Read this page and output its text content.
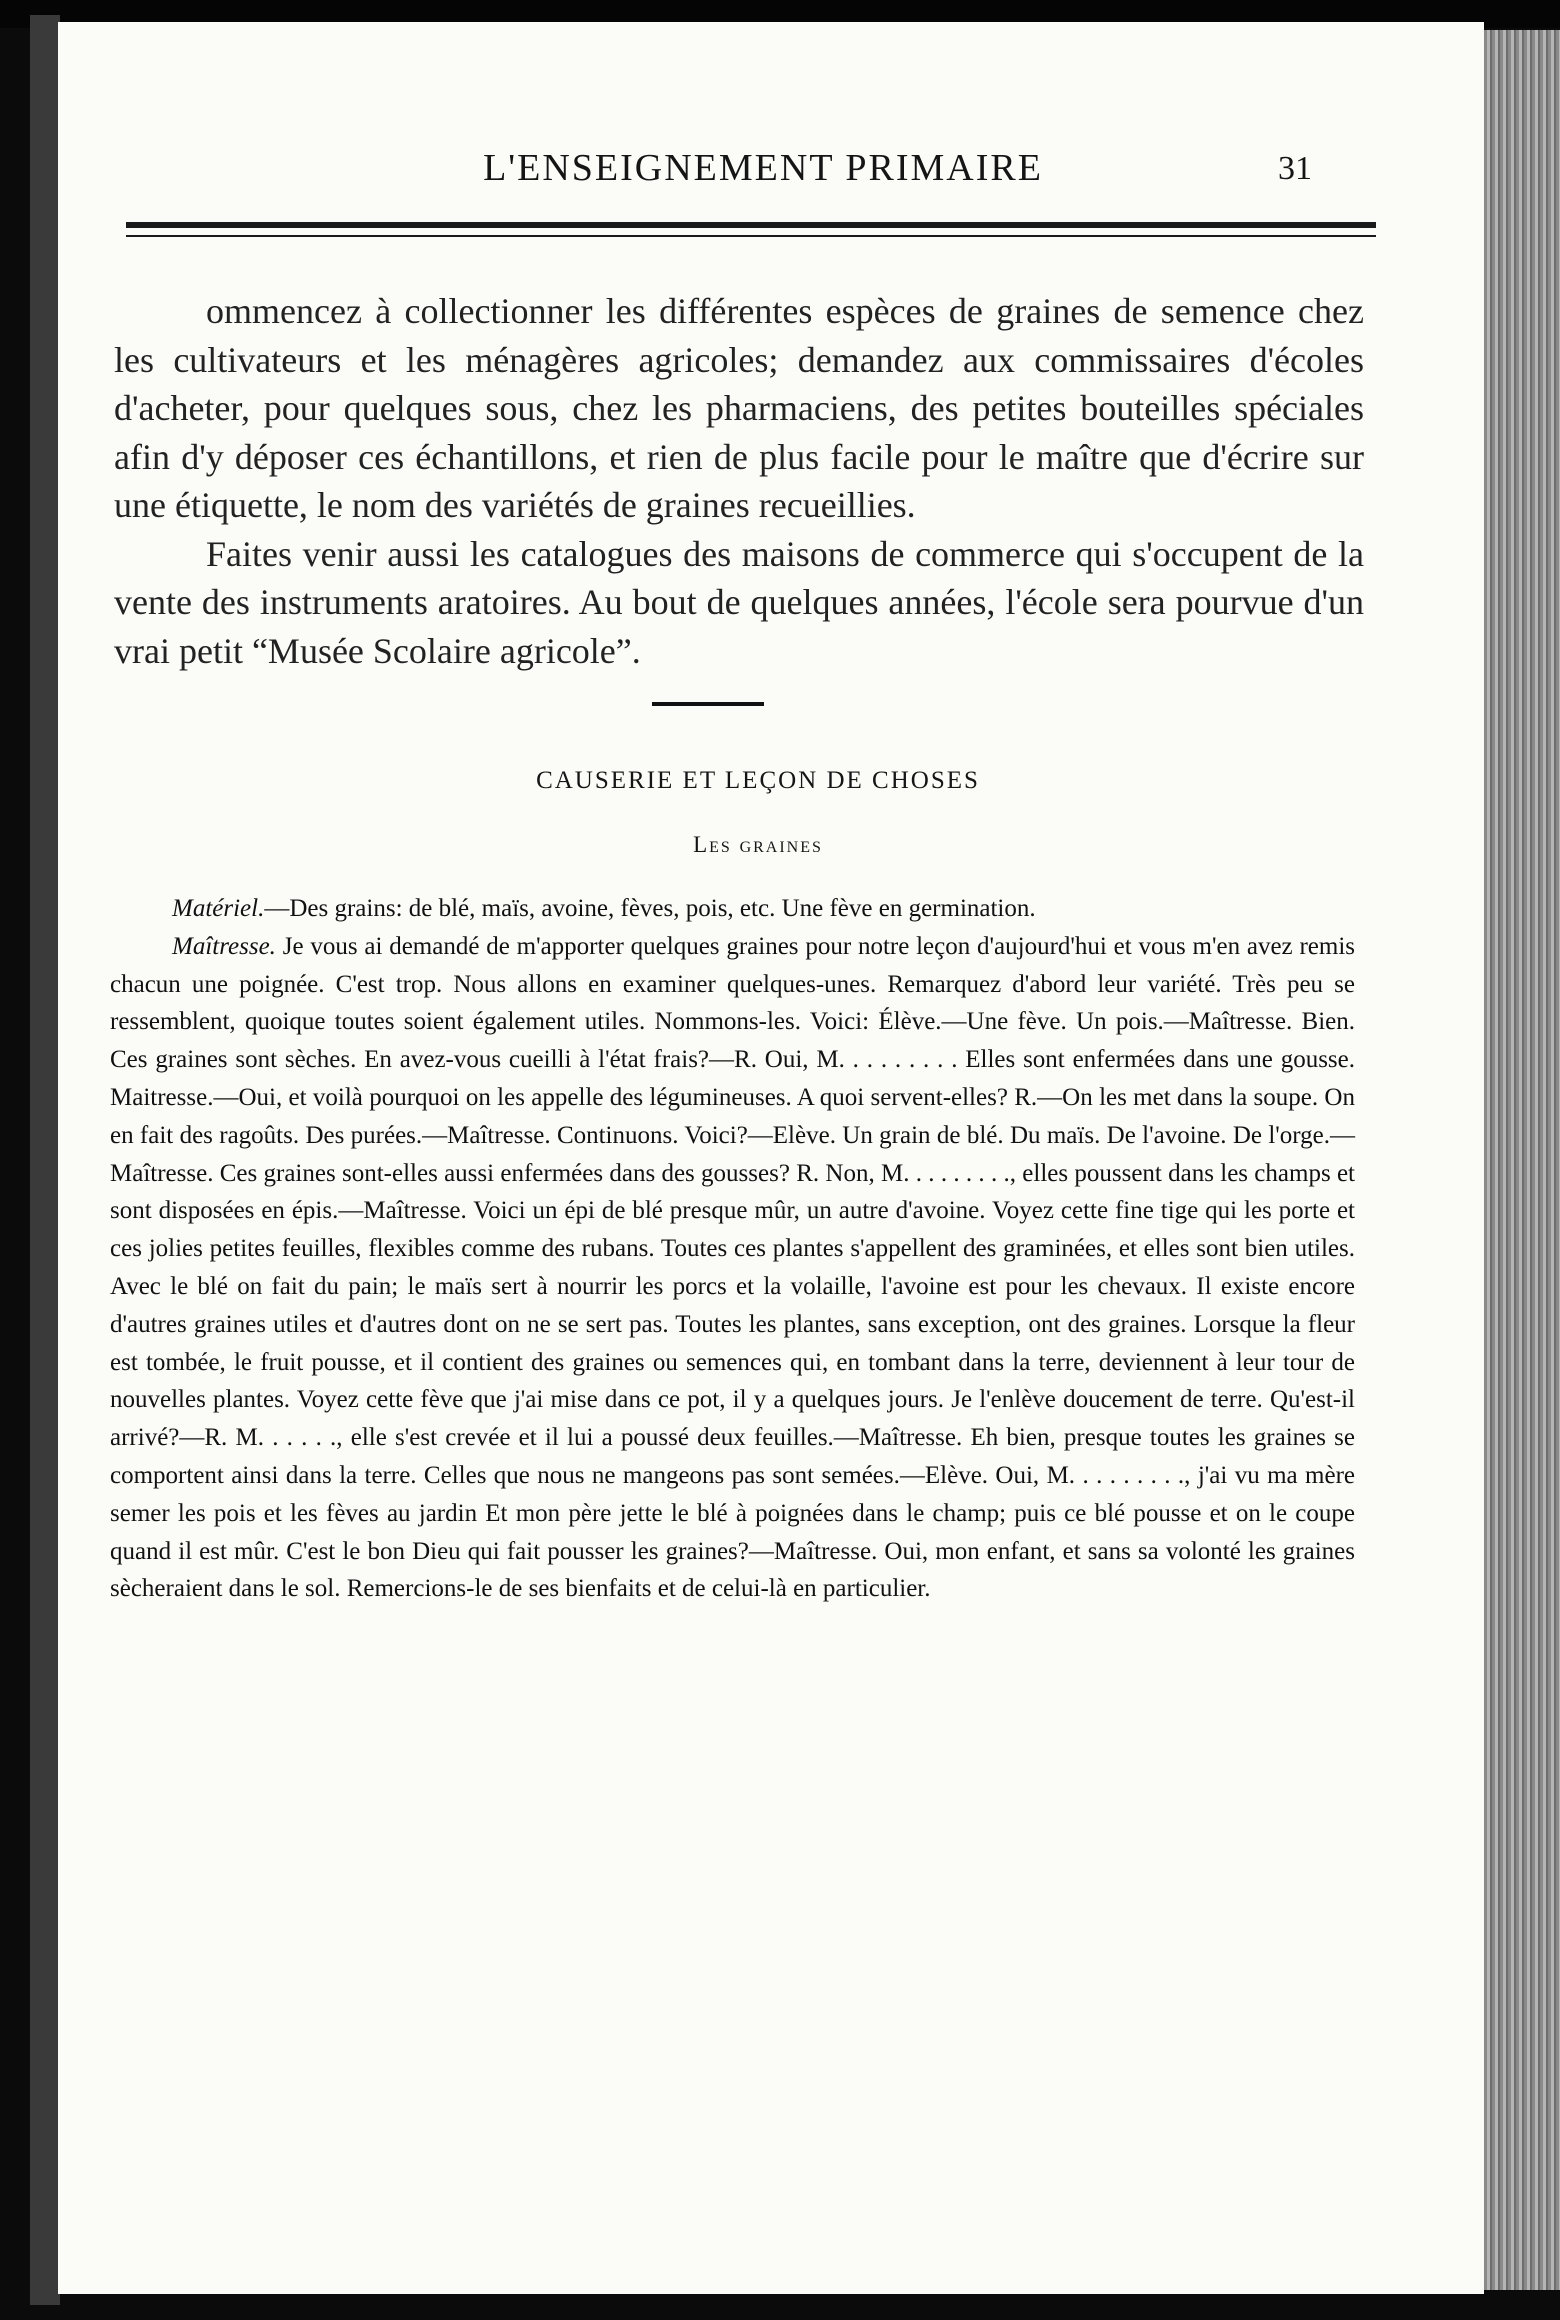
L'ENSEIGNEMENT PRIMAIRE	31

ommencez à collectionner les différentes espèces de graines de semence chez les cultivateurs et les ménagères agricoles; demandez aux commissaires d'écoles d'acheter, pour quelques sous, chez les pharmaciens, des petites bouteilles spéciales afin d'y déposer ces échantillons, et rien de plus facile pour le maître que d'écrire sur une étiquette, le nom des variétés de graines recueillies.

Faites venir aussi les catalogues des maisons de commerce qui s'occupent de la vente des instruments aratoires. Au bout de quelques années, l'école sera pourvue d'un vrai petit “Musée Scolaire agricole”.

CAUSERIE ET LEÇON DE CHOSES
Les graines

Matériel.—Des grains: de blé, maïs, avoine, fèves, pois, etc. Une fève en germination.

Maîtresse. Je vous ai demandé de m'apporter quelques graines pour notre leçon d'aujourd'hui et vous m'en avez remis chacun une poignée. C'est trop. Nous allons en examiner quelques-unes. Remarquez d'abord leur variété. Très peu se ressemblent, quoique toutes soient également utiles. Nommons-les. Voici: Élève.—Une fève. Un pois.—Maîtresse. Bien. Ces graines sont sèches. En avez-vous cueilli à l'état frais?—R. Oui, M. . . . . . . . . Elles sont enfermées dans une gousse. Maitresse.—Oui, et voilà pourquoi on les appelle des légumineuses. A quoi servent-elles? R.—On les met dans la soupe. On en fait des ragoûts. Des purées.—Maîtresse. Continuons. Voici?—Elève. Un grain de blé. Du maïs. De l'avoine. De l'orge.—Maîtresse. Ces graines sont-elles aussi enfermées dans des gousses? R. Non, M. . . . . . . . ., elles poussent dans les champs et sont disposées en épis.—Maîtresse. Voici un épi de blé presque mûr, un autre d'avoine. Voyez cette fine tige qui les porte et ces jolies petites feuilles, flexibles comme des rubans. Toutes ces plantes s'appellent des graminées, et elles sont bien utiles. Avec le blé on fait du pain; le maïs sert à nourrir les porcs et la volaille, l'avoine est pour les chevaux. Il existe encore d'autres graines utiles et d'autres dont on ne se sert pas. Toutes les plantes, sans exception, ont des graines. Lorsque la fleur est tombée, le fruit pousse, et il contient des graines ou semences qui, en tombant dans la terre, deviennent à leur tour de nouvelles plantes. Voyez cette fève que j'ai mise dans ce pot, il y a quelques jours. Je l'enlève doucement de terre. Qu'est-il arrivé?—R. M. . . . . ., elle s'est crevée et il lui a poussé deux feuilles.—Maîtresse. Eh bien, presque toutes les graines se comportent ainsi dans la terre. Celles que nous ne mangeons pas sont semées.—Elève. Oui, M. . . . . . . . ., j'ai vu ma mère semer les pois et les fèves au jardin Et mon père jette le blé à poignées dans le champ; puis ce blé pousse et on le coupe quand il est mûr. C'est le bon Dieu qui fait pousser les graines?—Maîtresse. Oui, mon enfant, et sans sa volonté les graines sècheraient dans le sol. Remercions-le de ses bienfaits et de celui-là en particulier.
